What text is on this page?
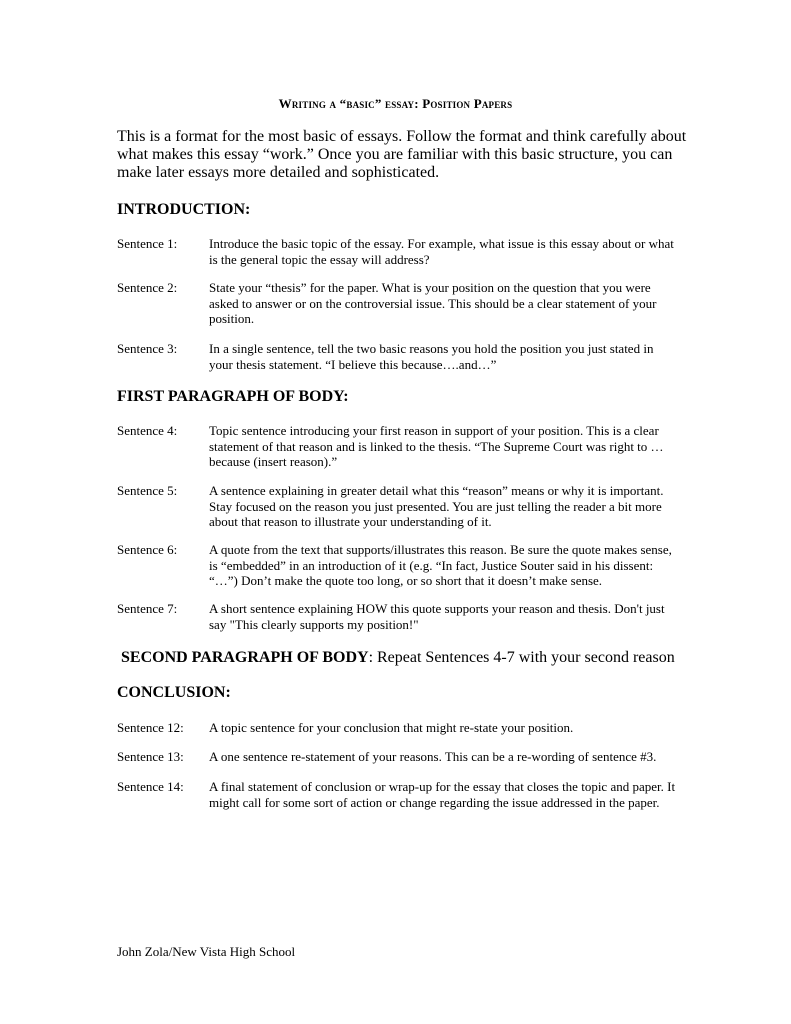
Writing a “basic” essay: Position Papers
This is a format for the most basic of essays. Follow the format and think carefully about what makes this essay “work.” Once you are familiar with this basic structure, you can make later essays more detailed and sophisticated.
INTRODUCTION:
Sentence 1:	Introduce the basic topic of the essay. For example, what issue is this essay about or what is the general topic the essay will address?
Sentence 2:	State your “thesis” for the paper. What is your position on the question that you were asked to answer or on the controversial issue. This should be a clear statement of your position.
Sentence 3:	In a single sentence, tell the two basic reasons you hold the position you just stated in your thesis statement. “I believe this because….and…”
FIRST PARAGRAPH OF BODY:
Sentence 4:	Topic sentence introducing your first reason in support of your position. This is a clear statement of that reason and is linked to the thesis. “The Supreme Court was right to … because (insert reason).”
Sentence 5:	A sentence explaining in greater detail what this “reason” means or why it is important. Stay focused on the reason you just presented. You are just telling the reader a bit more about that reason to illustrate your understanding of it.
Sentence 6:	A quote from the text that supports/illustrates this reason. Be sure the quote makes sense, is “embedded” in an introduction of it (e.g. “In fact, Justice Souter said in his dissent: “…”) Don’t make the quote too long, or so short that it doesn’t make sense.
Sentence 7:	A short sentence explaining HOW this quote supports your reason and thesis. Don't just say "This clearly supports my position!"
SECOND PARAGRAPH OF BODY: Repeat Sentences 4-7 with your second reason
CONCLUSION:
Sentence 12:	A topic sentence for your conclusion that might re-state your position.
Sentence 13:	A one sentence re-statement of your reasons. This can be a re-wording of sentence #3.
Sentence 14:	A final statement of conclusion or wrap-up for the essay that closes the topic and paper. It might call for some sort of action or change regarding the issue addressed in the paper.
John Zola/New Vista High School
